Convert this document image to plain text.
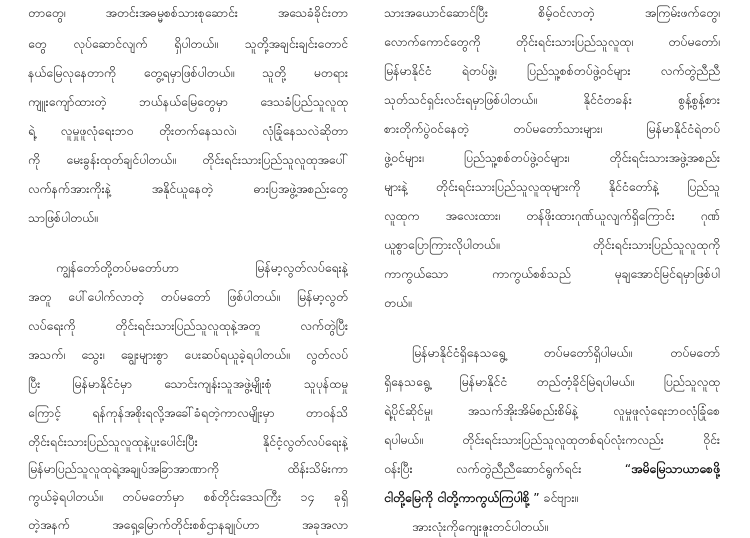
တာတွေ၊ အတင်းအဓမ္မစစ်သားစုဆောင်း အသေခံခိုင်းတာ
တွေ လုပ်ဆောင်လျက် ရှိပါတယ်။ သူတို့အချင်းချင်းတောင်
နယ်မြေလုနေတာကို တွေ့ရမှာဖြစ်ပါတယ်။ သူတို့ မတရား
ကျူးကျော်ထားတဲ့ ဘယ်နယ်မြေတွေမှာ ဒေသခံပြည်သူလူထု
ရဲ့ လူမှုဖူလုံရေးဘဝ တိုးတက်နေသလဲ၊ လုံခြုံနေသလဲဆိုတာ
ကို မေးခွန်းထုတ်ချင်ပါတယ်။ တိုင်းရင်းသားပြည်သူလူထုအပေါ်
လက်နက်အားကိုးနဲ့ အနိုင်ယူနေတဲ့ ဓားပြအဖွဲ့အစည်းတွေ
သာဖြစ်ပါတယ်။
ကျွန်တော်တို့တပ်မတော်ဟာ မြန်မာ့လွတ်လပ်ရေးနဲ့
အတူ ပေါ်ပေါက်လာတဲ့ တပ်မတော် ဖြစ်ပါတယ်။ မြန်မာ့လွတ်
လပ်ရေးကို တိုင်းရင်းသားပြည်သူလူထုနဲ့အတူ လက်တွဲပြီး
အသက်၊ သွေး၊ ချွေးများစွာ ပေးဆပ်ရယူခဲ့ရပါတယ်။ လွတ်လပ်
ပြီး မြန်မာနိုင်ငံမှာ သောင်းကျန်းသူအဖွဲ့မျိုးစုံ သူပုန်ထမှု
ကြောင့် ရန်ကုန်အစိုးရလို့အခေါ်ခံရတဲ့ကာလမျိုးမှာ တာဝန်သိ
တိုင်းရင်းသားပြည်သူလူထုနဲ့ပူးပေါင်းပြီး နိုင်ငံ့လွတ်လပ်ရေးနဲ့
မြန်မာပြည်သူလူထုရဲ့အချုပ်အခြာအာဏာကို ထိန်းသိမ်းကာ
ကွယ်ခဲ့ရပါတယ်။ တပ်မတော်မှာ စစ်တိုင်းဒေသကြီး ၁၄ ခုရှိ
တဲ့အနက် အရှေ့မြောက်တိုင်းစစ်ဌာနချုပ်ဟာ အခုအလာ
သားအယောင်ဆောင်ပြီး စိမ့်ဝင်လာတဲ့ အကြမ်းဖက်တွေ၊
လောက်ကောင်တွေကို တိုင်းရင်းသားပြည်သူလူထု၊ တပ်မတော်၊
မြန်မာနိုင်ငံ ရဲတပ်ဖွဲ့၊ ပြည်သူ့စစ်တပ်ဖွဲ့ဝင်များ လက်တွဲညီညီ
သုတ်သင်ရှင်းလင်းရမှာဖြစ်ပါတယ်။ နိုင်ငံတခန်း စွန့်စွန့်စား
စားတိုက်ပွဲဝင်နေတဲ့ တပ်မတော်သားများ၊ မြန်မာနိုင်ငံရဲတပ်
ဖွဲ့ဝင်များ၊ ပြည်သူ့စစ်တပ်ဖွဲ့ဝင်များ၊ တိုင်းရင်းသားအဖွဲ့အစည်း
များနဲ့ တိုင်းရင်းသားပြည်သူလူထုများကို နိုင်ငံတော်နဲ့ ပြည်သူ
လူထုက အလေးထား၊ တန်ဖိုးထားဂုဏ်ယူလျက်ရှိကြောင်း ဂုဏ်
ယူစွာပြောကြားလိုပါတယ်။ တိုင်းရင်းသားပြည်သူလူထုကို
ကာကွယ်သော ကာကွယ်စစ်သည် မုချအောင်မြင်ရမှာဖြစ်ပါ
တယ်။
မြန်မာနိုင်ငံရှိနေသရွေ့ တပ်မတော်ရှိပါမယ်။ တပ်မတော်
ရှိနေသရွေ့ မြန်မာနိုင်ငံ တည်တံ့ခိုင်မြဲရပါမယ်။ ပြည်သူလူထု
ရဲ့ပိုင်ဆိုင်မှု၊ အသက်အိုးအိမ်စည်းစိမ်နဲ့ လူမှုဖူလုံရေးဘဝလုံခြုံစေ
ရပါမယ်။ တိုင်းရင်းသားပြည်သူလူထုတစ်ရပ်လုံးကလည်း ဝိုင်း
ဝန်းပြီး လက်တွဲညီညီဆောင်ရွက်ရင်း “အမိမြေသာယာစေဖို့
ငါတို့မြေကို ငါတို့ကာကွယ်ကြပါစို့ ” ခင်ဗျား။
အားလုံးကိုကျေးဇူးတင်ပါတယ်။
